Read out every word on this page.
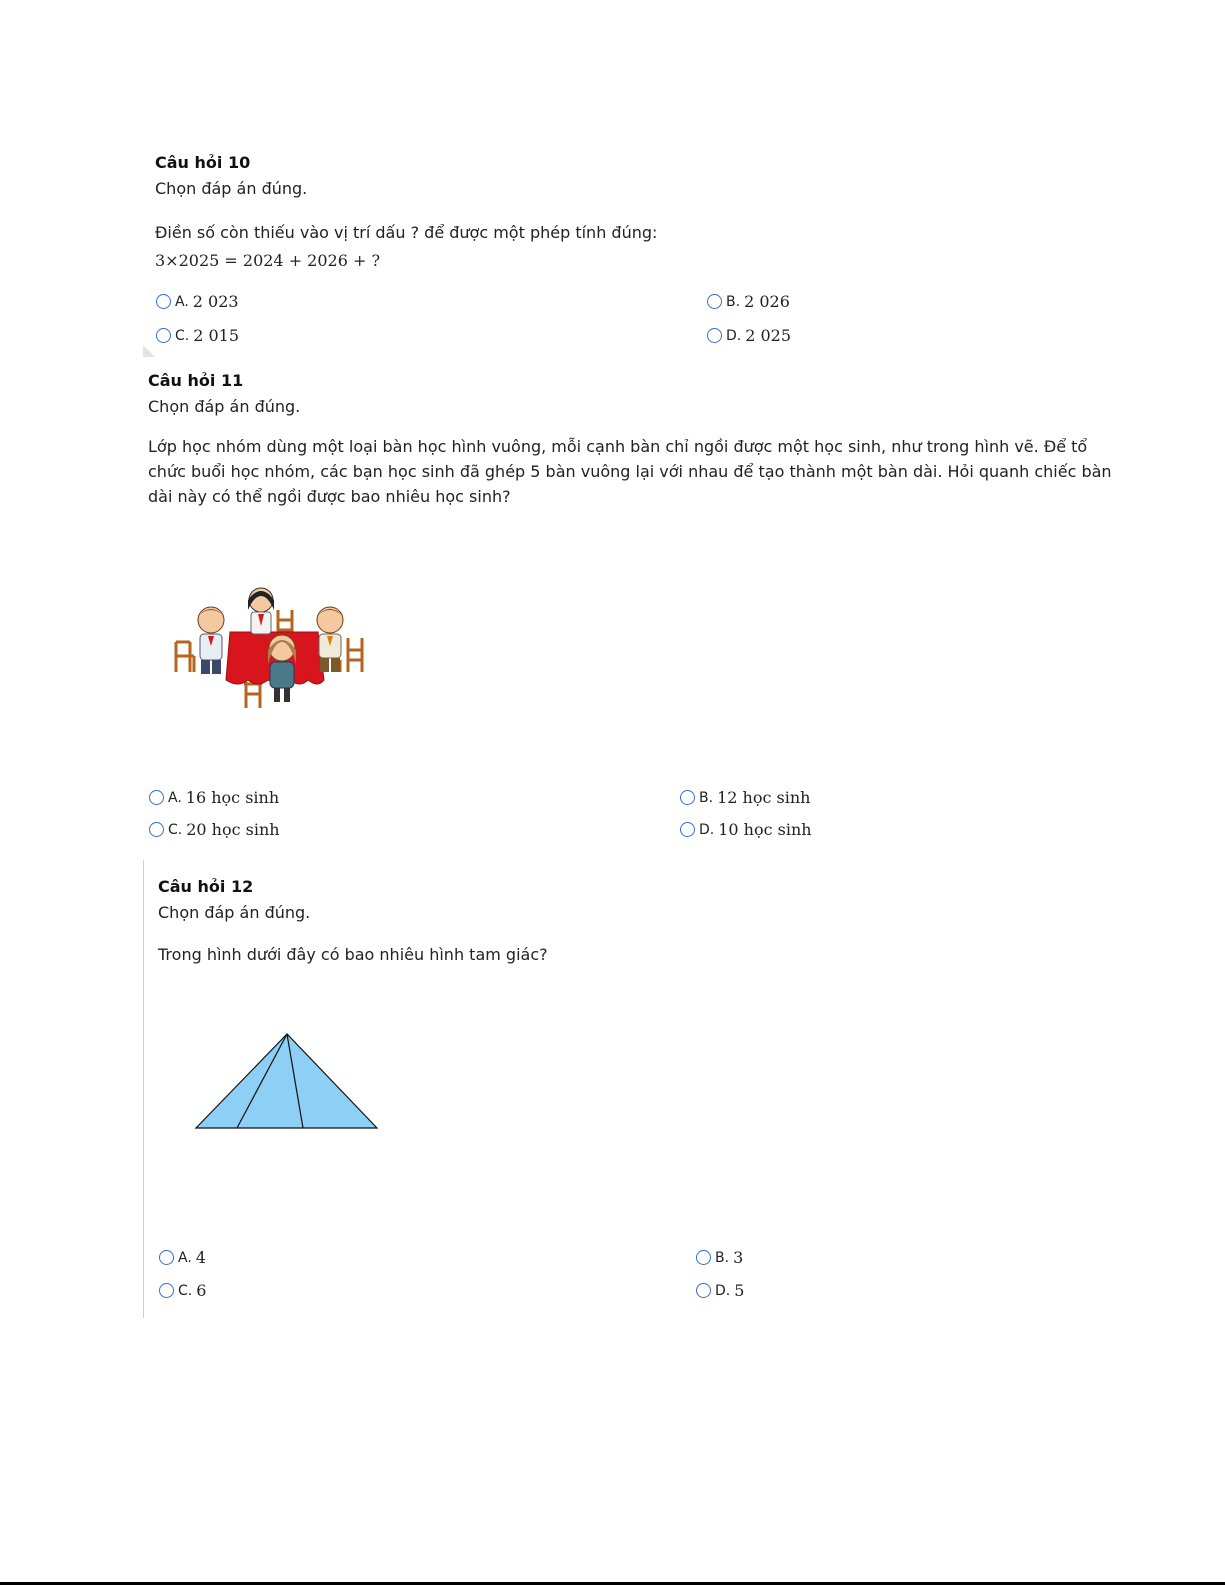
Câu hỏi 10

Chọn đáp án đúng.

Điền số còn thiếu vào vị trí dấu ? để được một phép tính đúng:

3×2025 = 2024 + 2026 + ?
A. 2 023	B. 2 026
C. 2 015	D. 2 025

Câu hỏi 11

Chọn đáp án đúng.

Lớp học nhóm dùng một loại bàn học hình vuông, mỗi cạnh bàn chỉ ngồi được một học sinh, như trong hình vẽ. Để tổ

chức buổi học nhóm, các bạn học sinh đã ghép 5 bàn vuông lại với nhau để tạo thành một bàn dài. Hỏi quanh chiếc bàn

dài này có thể ngồi được bao nhiêu học sinh?

A. 16 học sinh	B. 12 học sinh
C. 20 học sinh	D. 10 học sinh

Câu hỏi 12

Chọn đáp án đúng.

Trong hình dưới đây có bao nhiêu hình tam giác?

A. 4	B. 3
C. 6	D. 5
